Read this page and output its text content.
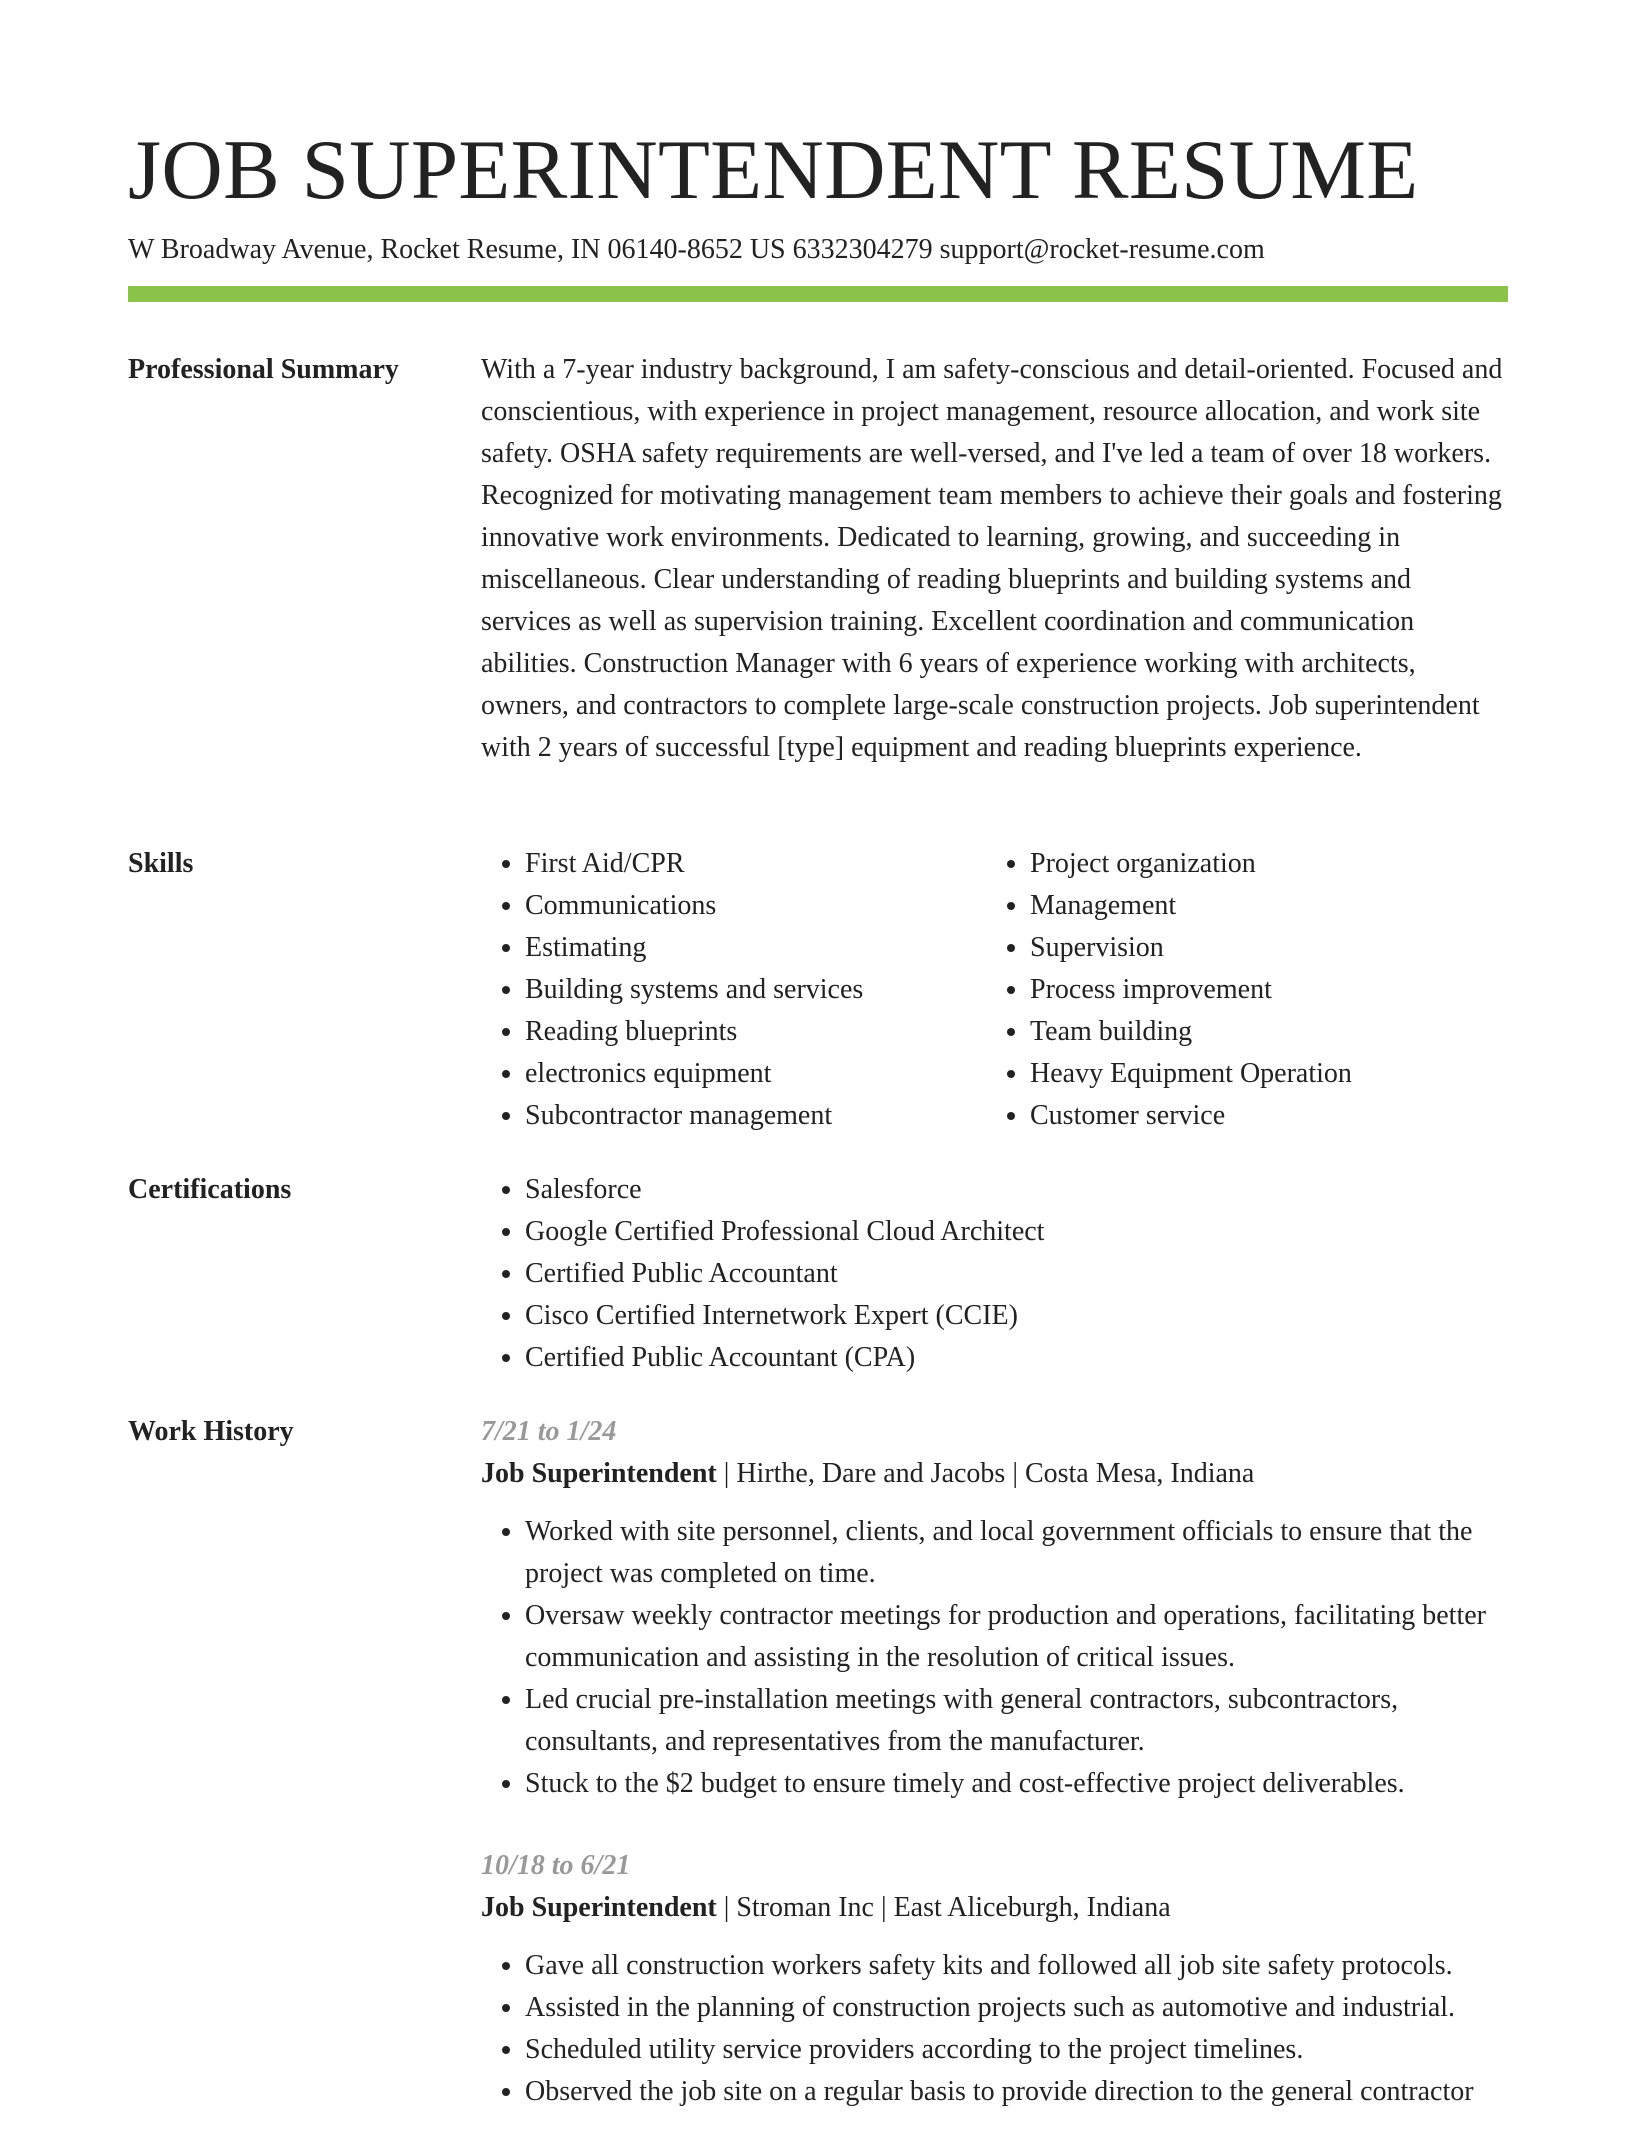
JOB SUPERINTENDENT RESUME
W Broadway Avenue, Rocket Resume, IN 06140-8652 US 6332304279 support@rocket-resume.com
Professional Summary	With a 7-year industry background, I am safety-conscious and detail-oriented. Focused and conscientious, with experience in project management, resource allocation, and work site safety. OSHA safety requirements are well-versed, and I've led a team of over 18 workers. Recognized for motivating management team members to achieve their goals and fostering innovative work environments. Dedicated to learning, growing, and succeeding in miscellaneous. Clear understanding of reading blueprints and building systems and services as well as supervision training. Excellent coordination and communication abilities. Construction Manager with 6 years of experience working with architects, owners, and contractors to complete large-scale construction projects. Job superintendent with 2 years of successful [type] equipment and reading blueprints experience.

Skills	• First Aid/CPR
• Communications
• Estimating
• Building systems and services
• Reading blueprints
• electronics equipment
• Subcontractor management
• Project organization
• Management
• Supervision
• Process improvement
• Team building
• Heavy Equipment Operation
• Customer service
Certifications	• Salesforce
• Google Certified Professional Cloud Architect
• Certified Public Accountant
• Cisco Certified Internetwork Expert (CCIE)
• Certified Public Accountant (CPA)
Work History	7/21 to 1/24
Job Superintendent | Hirthe, Dare and Jacobs | Costa Mesa, Indiana
• Worked with site personnel, clients, and local government officials to ensure that the project was completed on time.
• Oversaw weekly contractor meetings for production and operations, facilitating better communication and assisting in the resolution of critical issues.
• Led crucial pre-installation meetings with general contractors, subcontractors, consultants, and representatives from the manufacturer.
• Stuck to the $2 budget to ensure timely and cost-effective project deliverables.
10/18 to 6/21
Job Superintendent | Stroman Inc | East Aliceburgh, Indiana
• Gave all construction workers safety kits and followed all job site safety protocols.
• Assisted in the planning of construction projects such as automotive and industrial.
• Scheduled utility service providers according to the project timelines.
• Observed the job site on a regular basis to provide direction to the general contractor
